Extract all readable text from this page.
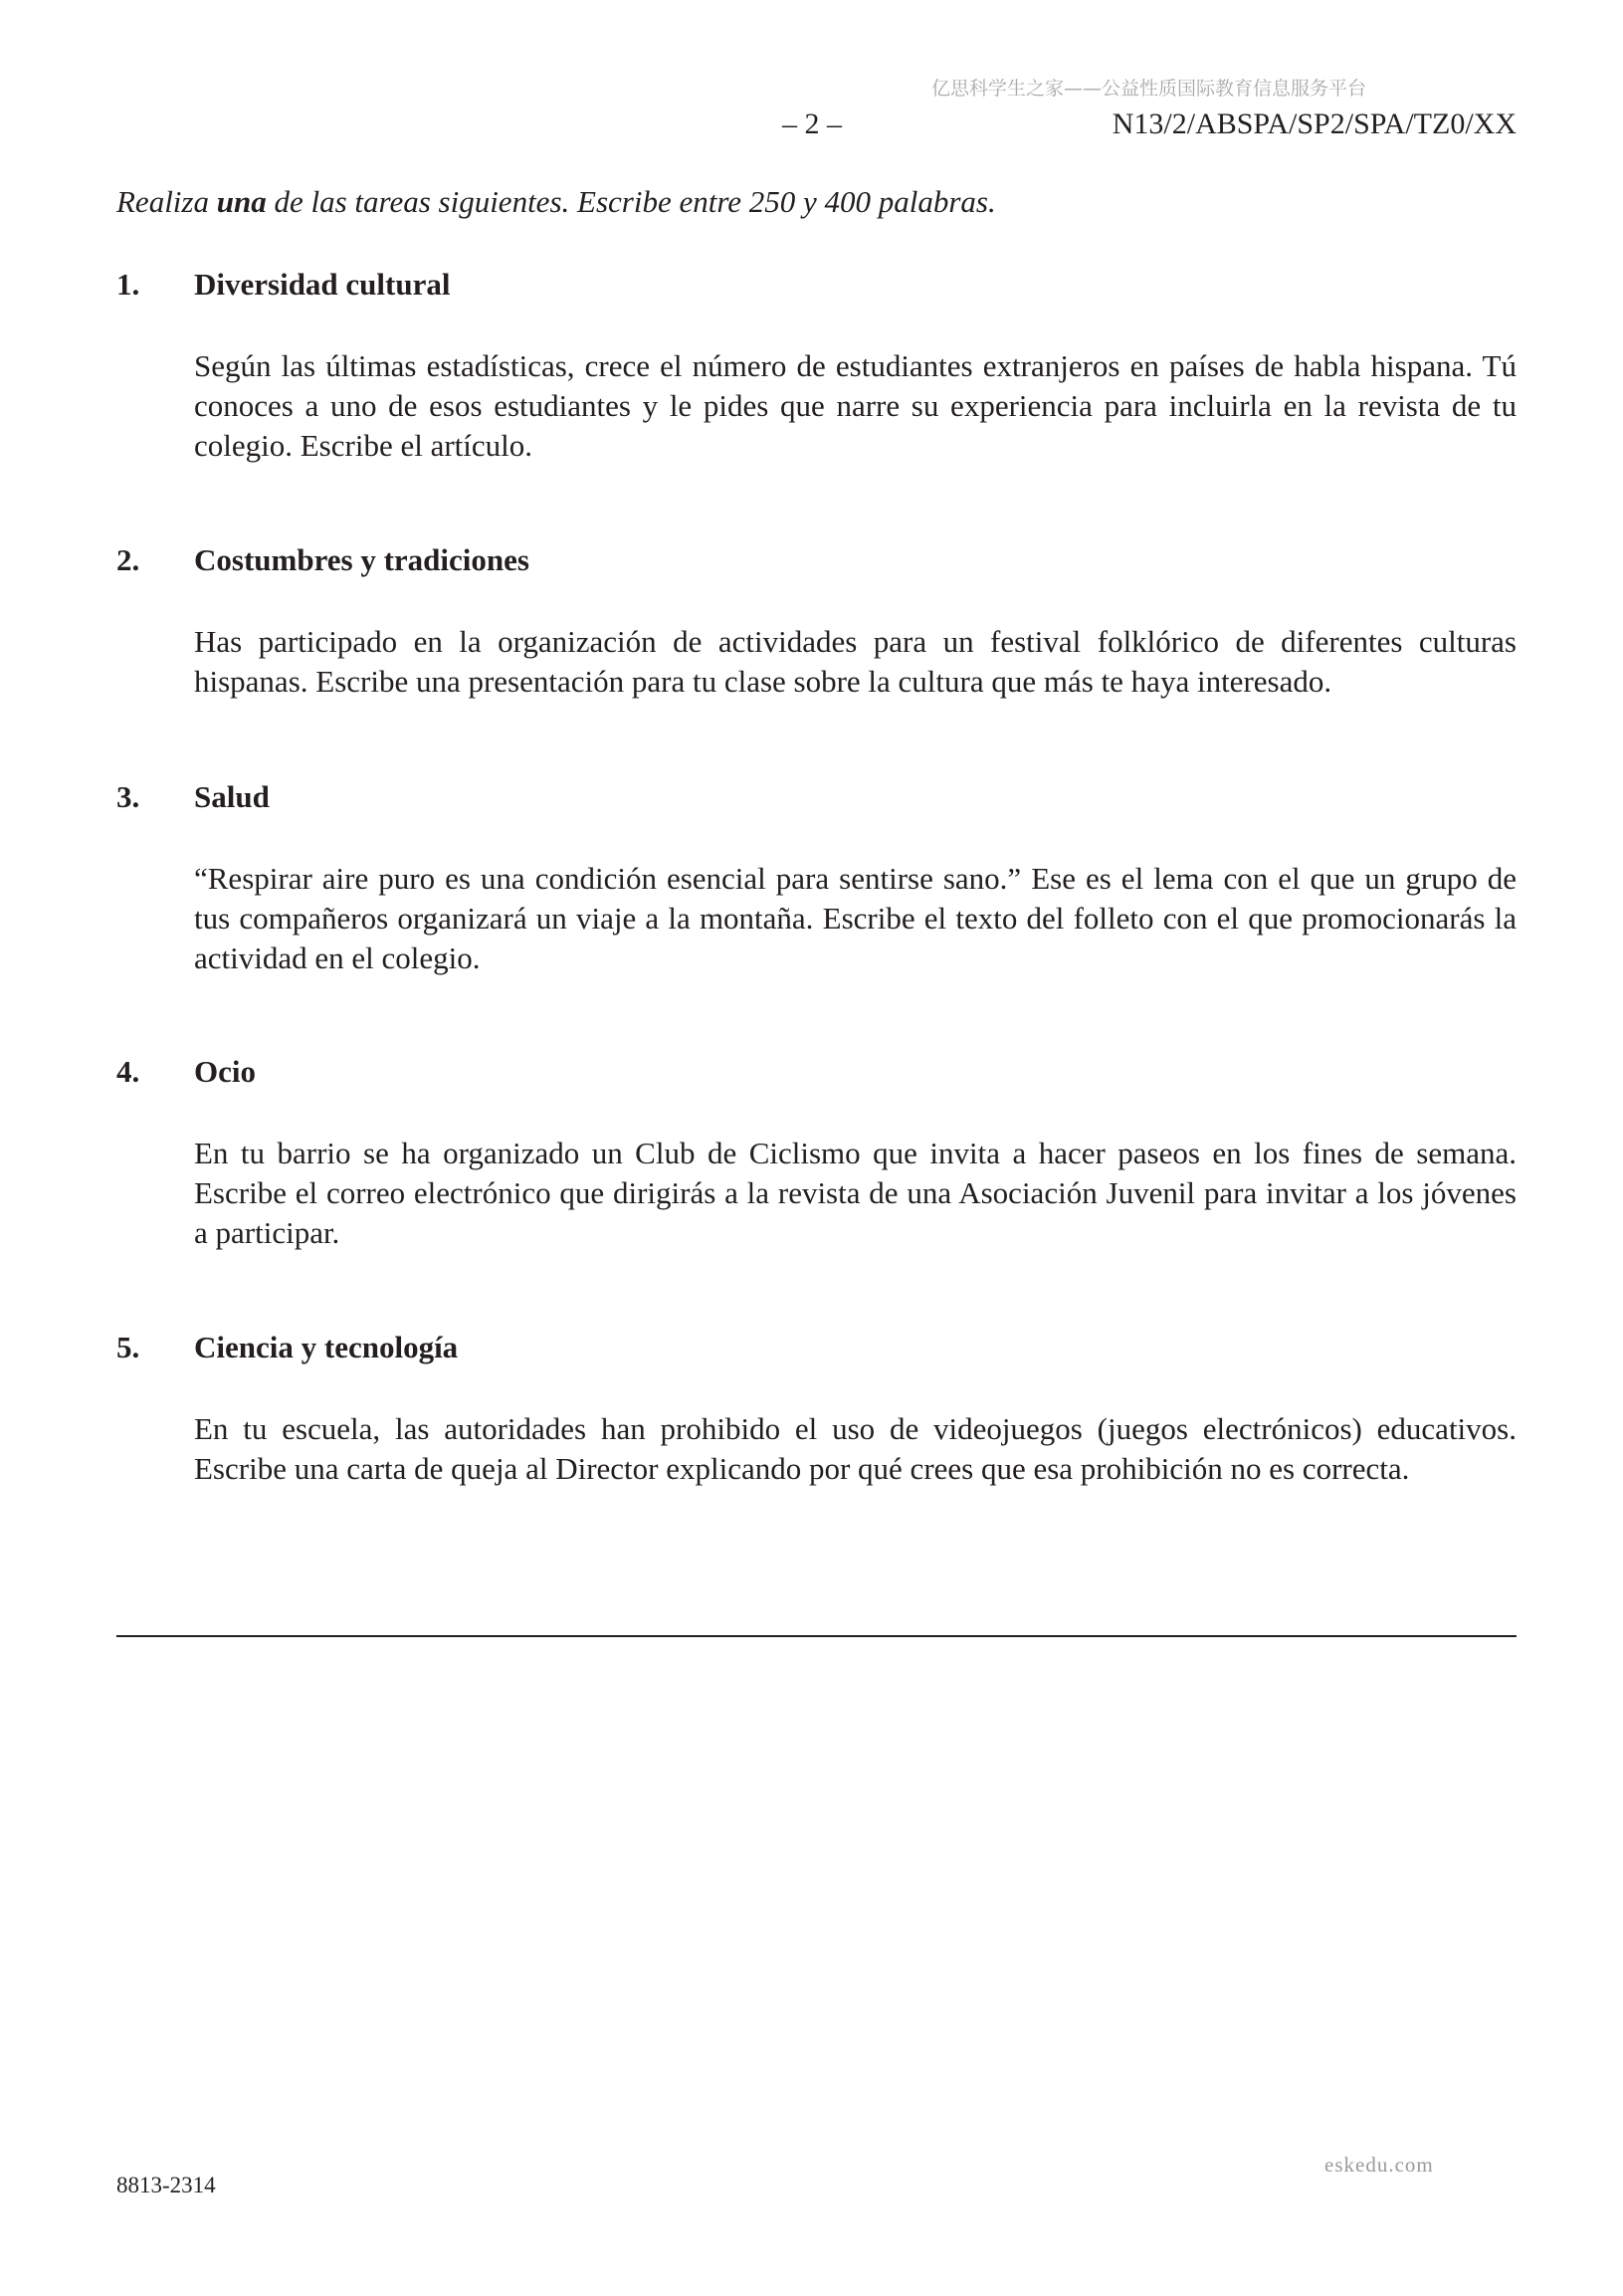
亿思科学生之家——公益性质国际教育信息服务平台
– 2 –	N13/2/ABSPA/SP2/SPA/TZ0/XX
Realiza una de las tareas siguientes. Escribe entre 250 y 400 palabras.
1. Diversidad cultural
Según las últimas estadísticas, crece el número de estudiantes extranjeros en países de habla hispana. Tú conoces a uno de esos estudiantes y le pides que narre su experiencia para incluirla en la revista de tu colegio. Escribe el artículo.
2. Costumbres y tradiciones
Has participado en la organización de actividades para un festival folklórico de diferentes culturas hispanas. Escribe una presentación para tu clase sobre la cultura que más te haya interesado.
3. Salud
“Respirar aire puro es una condición esencial para sentirse sano.” Ese es el lema con el que un grupo de tus compañeros organizará un viaje a la montaña. Escribe el texto del folleto con el que promocionarás la actividad en el colegio.
4. Ocio
En tu barrio se ha organizado un Club de Ciclismo que invita a hacer paseos en los fines de semana. Escribe el correo electrónico que dirigirás a la revista de una Asociación Juvenil para invitar a los jóvenes a participar.
5. Ciencia y tecnología
En tu escuela, las autoridades han prohibido el uso de videojuegos (juegos electrónicos) educativos. Escribe una carta de queja al Director explicando por qué crees que esa prohibición no es correcta.
eskedu.com
8813-2314
